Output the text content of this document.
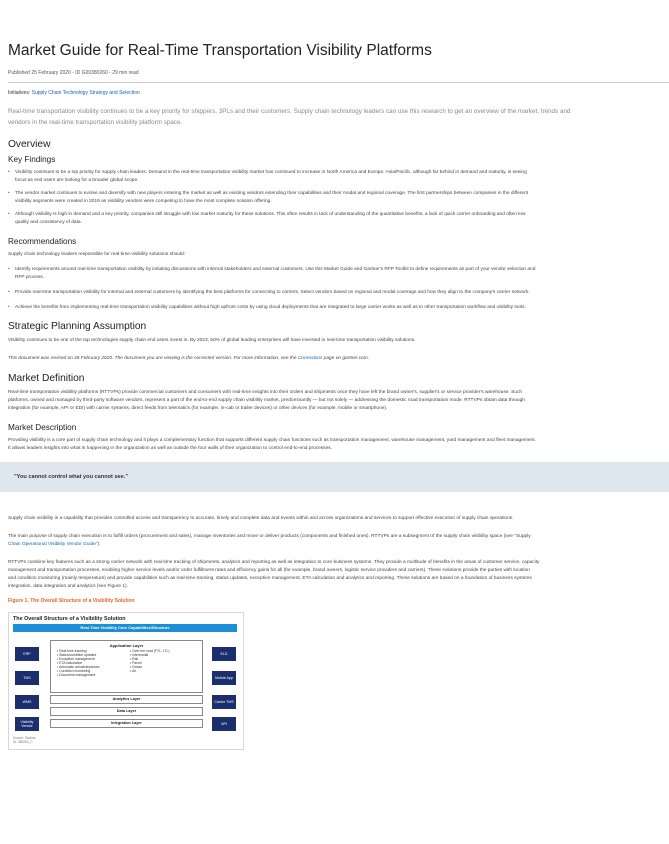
Market Guide for Real-Time Transportation Visibility Platforms
Published 25 February 2020 - ID G00380260 - 29 min read
Initiatives: Supply Chain Technology Strategy and Selection
Real-time transportation visibility continues to be a key priority for shippers, 3PLs and their customers. Supply chain technology leaders can use this research to get an overview of the market, trends and
vendors in the real-time transportation visibility platform space.
Overview
Key Findings
• Visibility continues to be a top priority for supply chain leaders. Demand in the real-time transportation visibility market has continued to increase in North America and Europe. Asia/Pacific, although far behind in demand and maturity, is seeing
focus as end users are looking for a broader global scope.
• The vendor market continues to evolve and diversify with new players entering the market as well as existing vendors extending their capabilities and their modal and regional coverage. The first partnerships between companies in the different
visibility segments were created in 2019 as visibility vendors were competing to have the most complete solution offering.
• Although visibility is high in demand and a key priority, companies still struggle with low market maturity for these solutions. This often results in lack of understanding of the quantitative benefits, a lack of quick carrier onboarding and often low
quality and consistency of data.
Recommendations

Supply chain technology leaders responsible for real-time-visibility solutions should:

• Identify requirements around real-time transportation visibility by initiating discussions with internal stakeholders and external customers. Use this Market Guide and Gartner's RFP Toolkit to define requirements as part of your vendor selection and
RFP process.
• Provide real-time transportation visibility for internal and external customers by identifying the best platforms for connecting to carriers. Select vendors based on regional and modal coverage and how they align to the company's carrier network.
• Achieve the benefits from implementing real-time transportation visibility capabilities without high upfront costs by using cloud deployments that are integrated to large carrier works as well as to other transportation workflow and visibility tools.
Strategic Planning Assumption

Visibility continues to be one of the top technologies supply chain end users invest in. By 2023, 50% of global leading enterprises will have invested in real-time transportation visibility solutions.

This document was revised on 28 February 2020. The document you are viewing is the corrected version. For more information, see the Corrections page on gartner.com.

Market Definition

Real-time transportation visibility platforms (RTTVPs) provide commercial customers and consumers with real-time insights into their orders and shipments once they have left the brand owner's, supplier's or service provider's warehouse. Such
platforms, owned and managed by third-party software vendors, represent a part of the end-to-end supply chain visibility market, predominantly — but not solely — addressing the domestic road transportation mode. RTTVPs obtain data through
integration (for example, API or EDI) with carrier systems, direct feeds from telematics (for example, in-cab or trailer devices) or other devices (for example, mobile or smartphone).

Market Description

Providing visibility is a core part of supply chain technology and it plays a complementary function that supports different supply chain functions such as transportation management, warehouse management, yard management and fleet management.
It allows leaders insights into what is happening in the organization as well as outside the four walls of their organization to control end-to-end processes.

"You cannot control what you cannot see."

Supply chain visibility is a capability that provides controlled access and transparency to accurate, timely and complete data and events within and across organizations and services to support effective execution of supply chain operations.

The main purpose of supply chain execution is to fulfill orders (procurement and sales), manage inventories and move or deliver products (components and finished ones). RTTVPs are a subsegment of the supply chain visibility space (see "Supply
Chain Operational Visibility Vendor Guide").

RTTVPs combine key features such as a strong carrier network with real-time tracking of shipments, analytics and reporting as well as integration to core business systems. They provide a multitude of benefits in the areas of customer service, capacity
management and transportation processes, enabling higher service levels and/or order fulfillment rates and efficiency gains for all (for example, brand owners, logistic service providers and carriers). These solutions provide the parties with location
and condition monitoring (mainly temperature) and provide capabilities such as real-time tracking, status updates, exception management, ETA calculation and analytics and reporting. These solutions are based on a foundation of business systems
integration, data integration and analytics (see Figure 1).

Figure 1. The Overall Structure of a Visibility Solution
The Overall Structure of a Visibility Solution
Real-Time Visibility Core Capabilities/Structure
ERP
TMS
WMS
Visibility Vendor
ELD
Mobile App
Carrier TMS
API
Application Layer
• Real-time tracking
• Status/condition updates
• Exception management
• ETA calculation
• Automatic arrival/departure
• Condition monitoring
• Document management
• Over the road (FTL, LTL)
• Intermodal
• Rail
• Parcel
• Ocean
• Air
Analytics Layer
Data Layer
Integration Layer
Source: Gartner
ID: 380260_C
